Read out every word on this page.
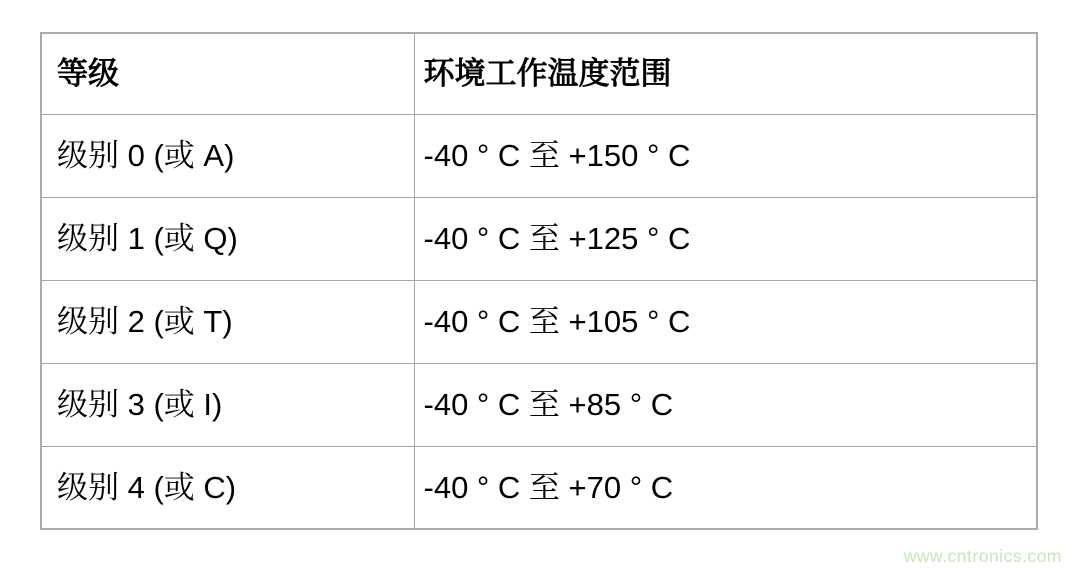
等级	环境工作温度范围
级别 0 (或 A)	-40 ° C 至 +150 ° C
级别 1 (或 Q)	-40 ° C 至 +125 ° C
级别 2 (或 T)	-40 ° C 至 +105 ° C
级别 3 (或 I)	-40 ° C 至 +85 ° C
级别 4 (或 C)	-40 ° C 至 +70 ° C
www.cntronics.com
